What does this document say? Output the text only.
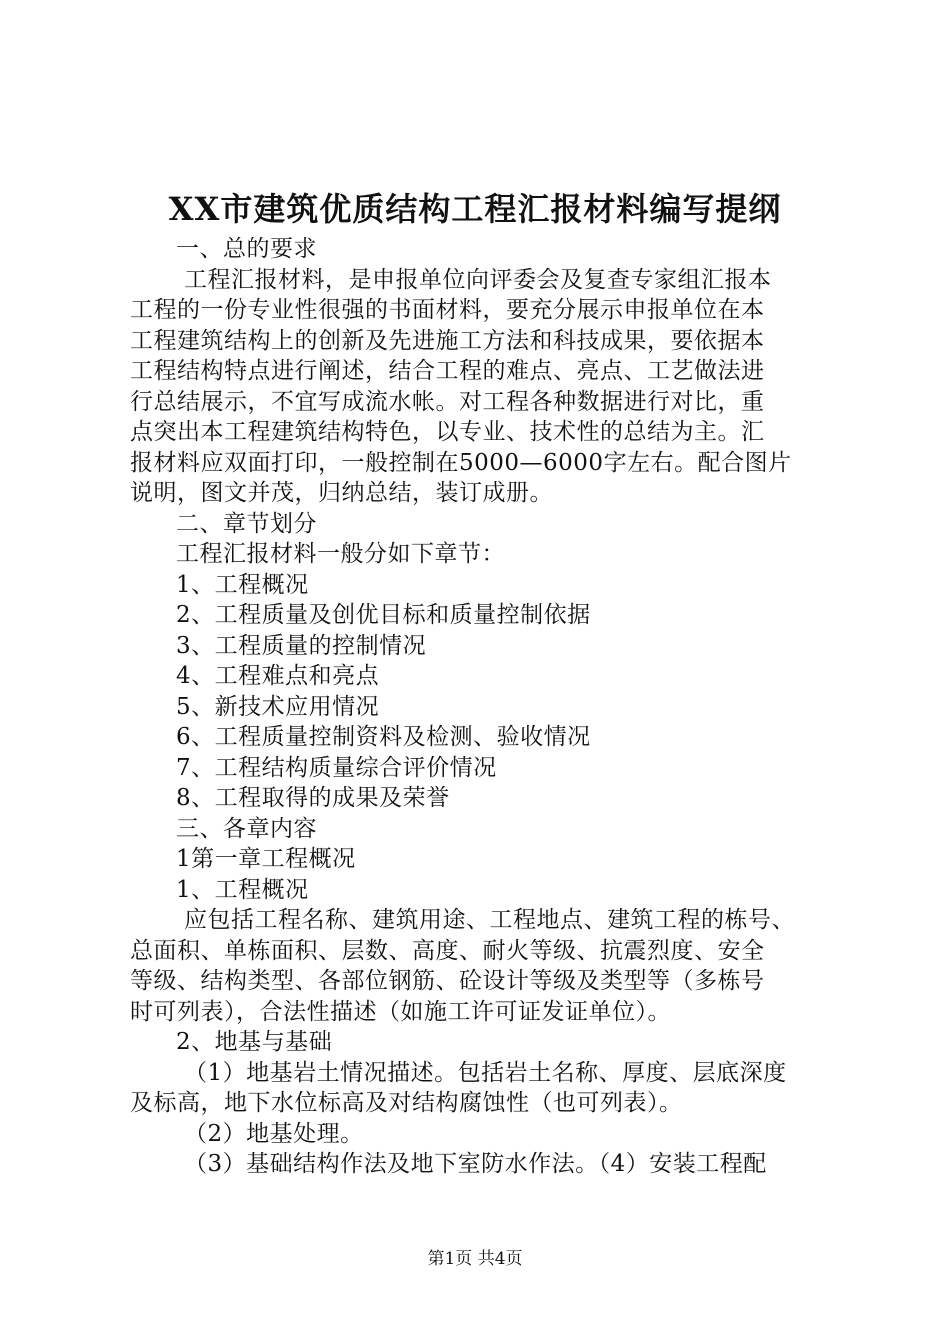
XX市建筑优质结构工程汇报材料编写提纲

一、总的要求

工程汇报材料，是申报单位向评委会及复查专家组汇报本

工程的一份专业性很强的书面材料，要充分展示申报单位在本

工程建筑结构上的创新及先进施工方法和科技成果，要依据本

工程结构特点进行阐述，结合工程的难点、亮点、工艺做法进

行总结展示，不宜写成流水帐。对工程各种数据进行对比，重

点突出本工程建筑结构特色，以专业、技术性的总结为主。汇

报材料应双面打印，一般控制在5000—6000字左右。配合图片

说明，图文并茂，归纳总结，装订成册。

二、章节划分

工程汇报材料一般分如下章节：

1、工程概况

2、工程质量及创优目标和质量控制依据

3、工程质量的控制情况

4、工程难点和亮点

5、新技术应用情况

6、工程质量控制资料及检测、验收情况

7、工程结构质量综合评价情况

8、工程取得的成果及荣誉

三、各章内容

1第一章工程概况

1、工程概况

应包括工程名称、建筑用途、工程地点、建筑工程的栋号、

总面积、单栋面积、层数、高度、耐火等级、抗震烈度、安全

等级、结构类型、各部位钢筋、砼设计等级及类型等（多栋号

时可列表），合法性描述（如施工许可证发证单位）。

2、地基与基础

（1）地基岩土情况描述。包括岩土名称、厚度、层底深度

及标高，地下水位标高及对结构腐蚀性（也可列表）。

（2）地基处理。

（3）基础结构作法及地下室防水作法。（4）安装工程配

第1页 共4页
